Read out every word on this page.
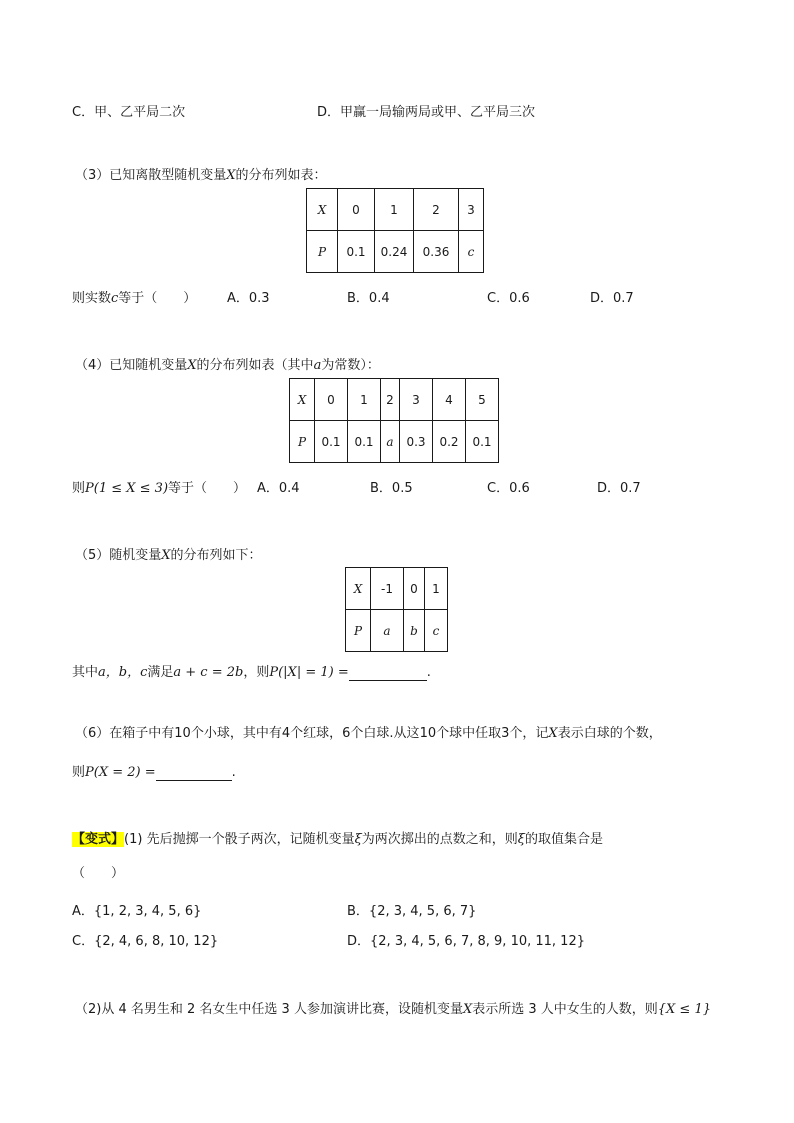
C．甲、乙平局二次	D．甲赢一局输两局或甲、乙平局三次
（3）已知离散型随机变量X的分布列如表：
X	0	1	2	3
P	0.1	0.24	0.36	c
则实数c等于（　　） A．0.3	B．0.4	C．0.6	D．0.7
（4）已知随机变量X的分布列如表（其中a为常数）：
X	0	1	2	3	4	5
P	0.1	0.1	a	0.3	0.2	0.1
则P(1 ≤ X ≤ 3)等于（　　） A．0.4	B．0.5	C．0.6	D．0.7
（5）随机变量X的分布列如下：
X	-1	0	1
P	a	b	c
其中a，b，c满足a + c = 2b，则P(|X| = 1) =	.
（6）在箱子中有10个小球，其中有4个红球，6个白球.从这10个球中任取3个，记X表示白球的个数，
则P(X = 2) =	.
【变式】(1) 先后抛掷一个骰子两次，记随机变量ξ为两次掷出的点数之和，则ξ的取值集合是
（　　）
A．{1, 2, 3, 4, 5, 6}	B．{2, 3, 4, 5, 6, 7}
C．{2, 4, 6, 8, 10, 12}	D．{2, 3, 4, 5, 6, 7, 8, 9, 10, 11, 12}
（2)从 4 名男生和 2 名女生中任选 3 人参加演讲比赛，设随机变量X表示所选 3 人中女生的人数，则{X ≤ 1}
